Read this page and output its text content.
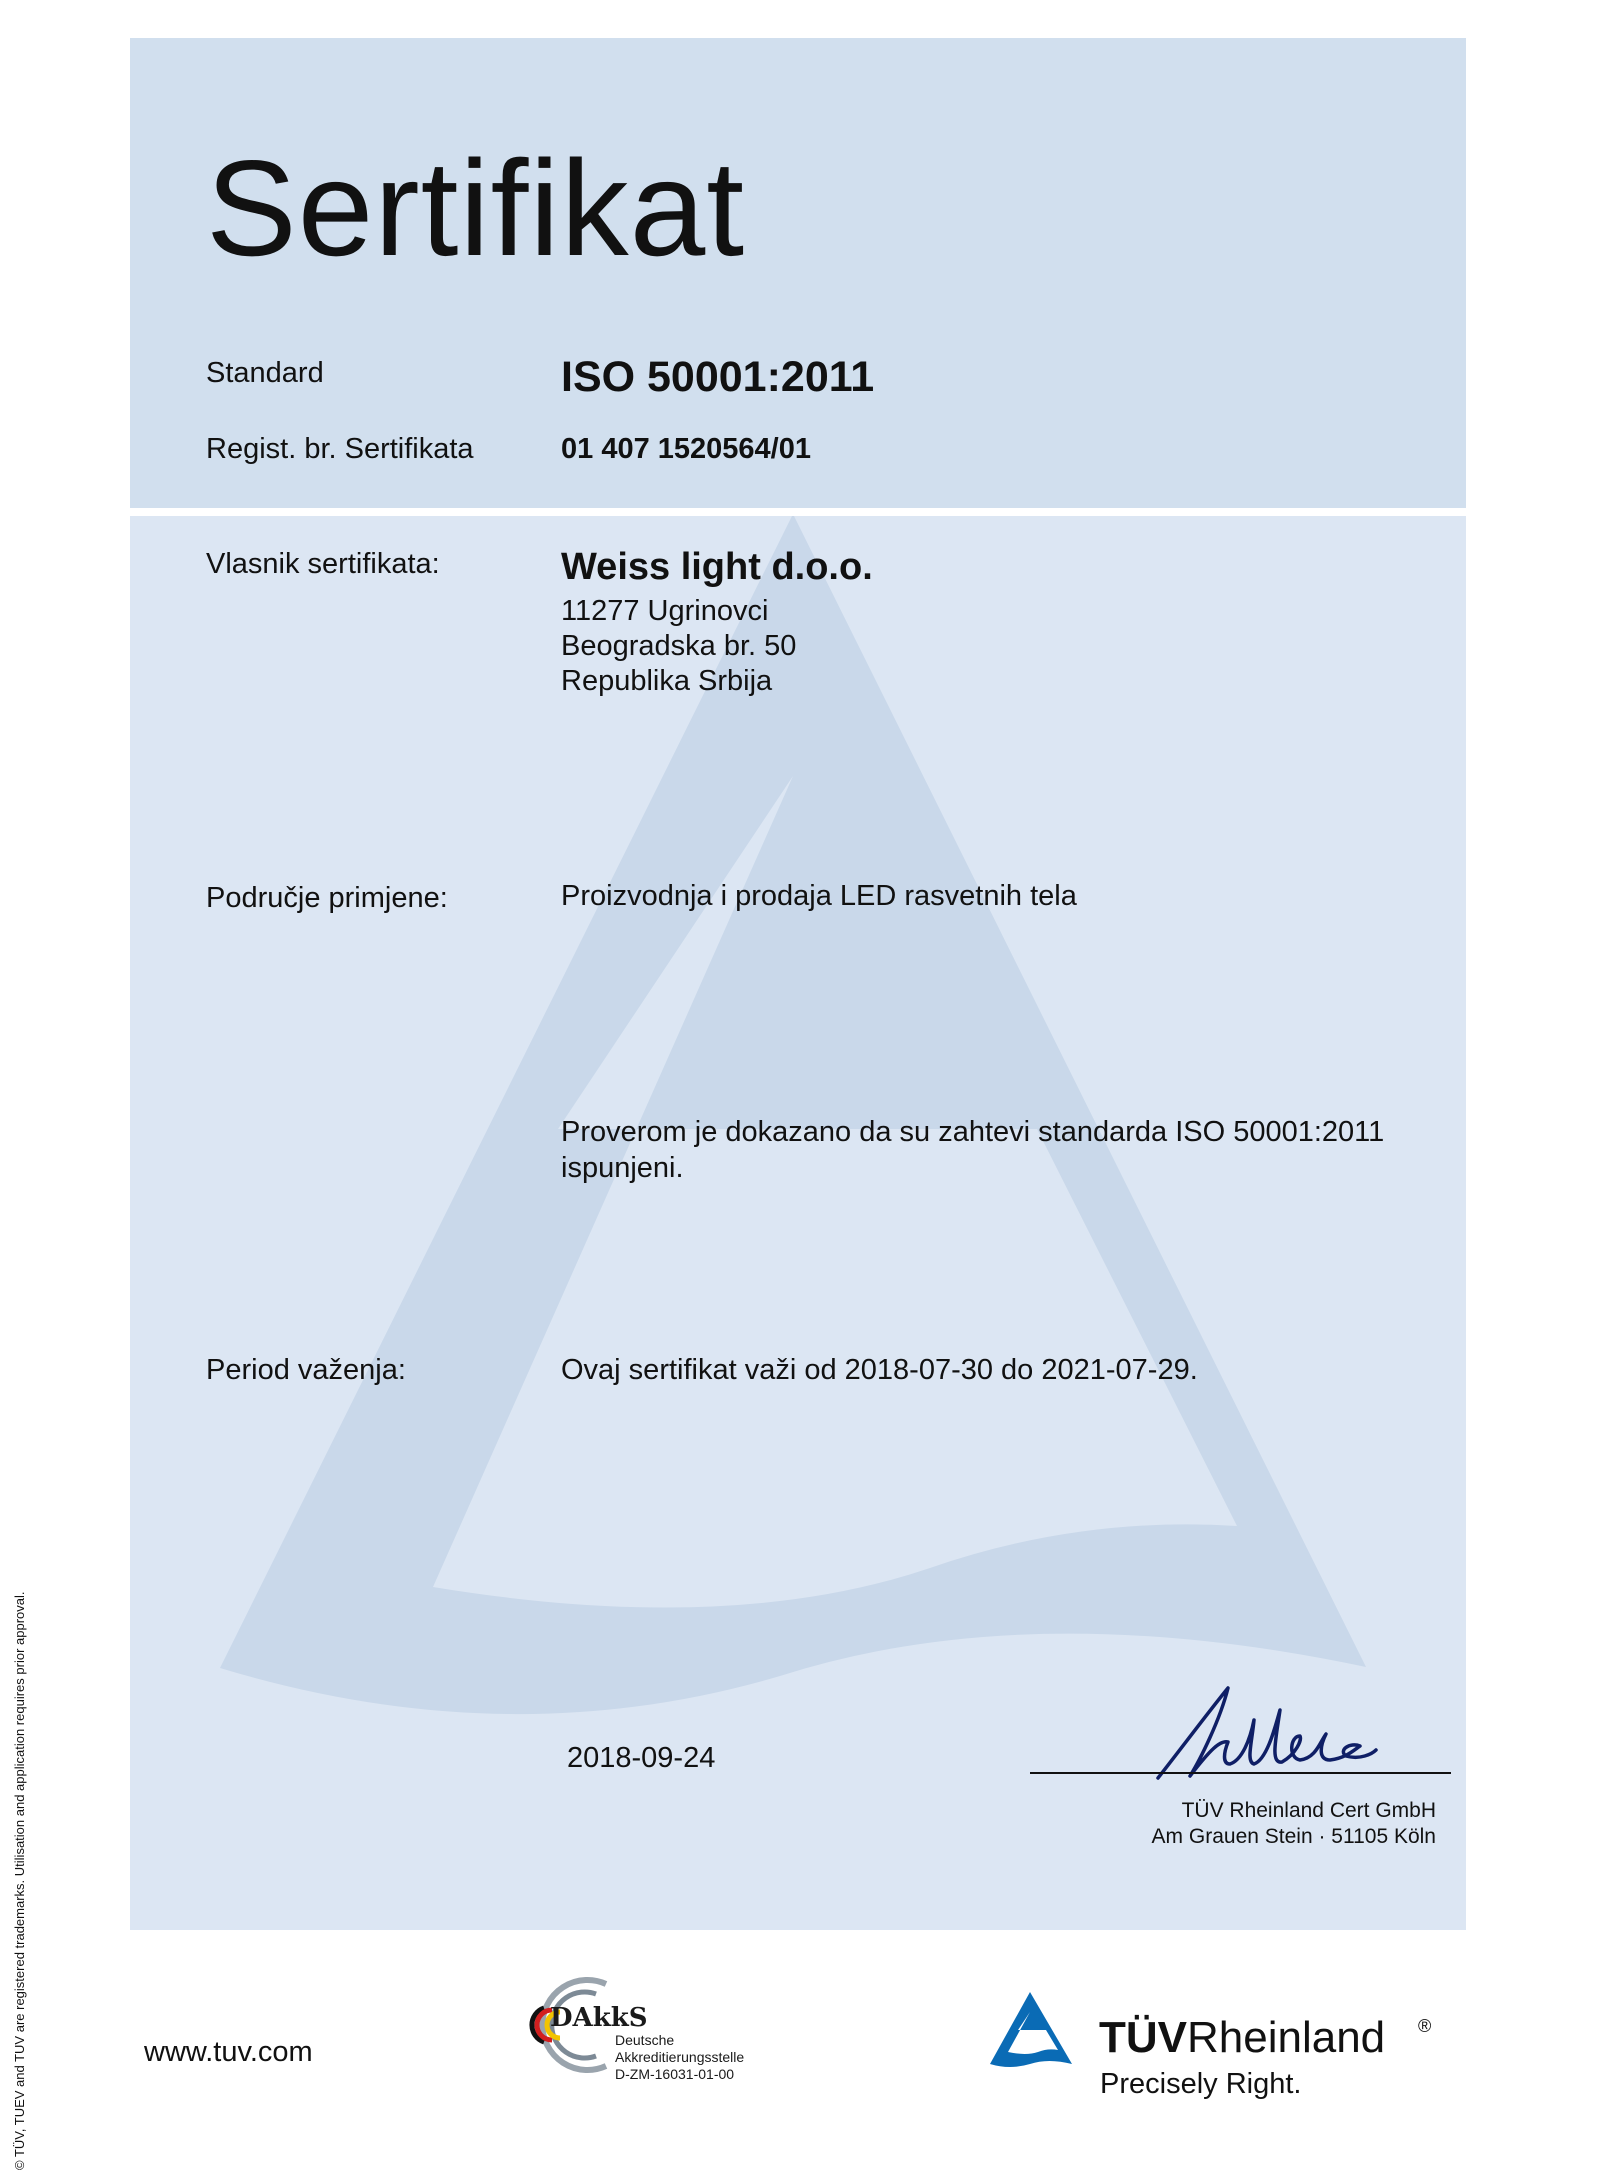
Sertifikat
Standard	ISO 50001:2011
Regist. br. Sertifikata	01 407 1520564/01
Vlasnik sertifikata:	Weiss light d.o.o.
11277 Ugrinovci
Beogradska br. 50
Republika Srbija
Područje primjene:	Proizvodnja i prodaja LED rasvetnih tela
Proverom je dokazano da su zahtevi standarda ISO 50001:2011
ispunjeni.
Period važenja:	Ovaj sertifikat važi od 2018-07-30 do 2021-07-29.
2018-09-24
TÜV Rheinland Cert GmbH
Am Grauen Stein · 51105 Köln
© TÜV, TUEV and TUV are registered trademarks. Utilisation and application requires prior approval.	www.tuv.com
DAkkS
Deutsche
Akkreditierungsstelle
D-ZM-16031-01-00
TÜVRheinland ®
Precisely Right.
